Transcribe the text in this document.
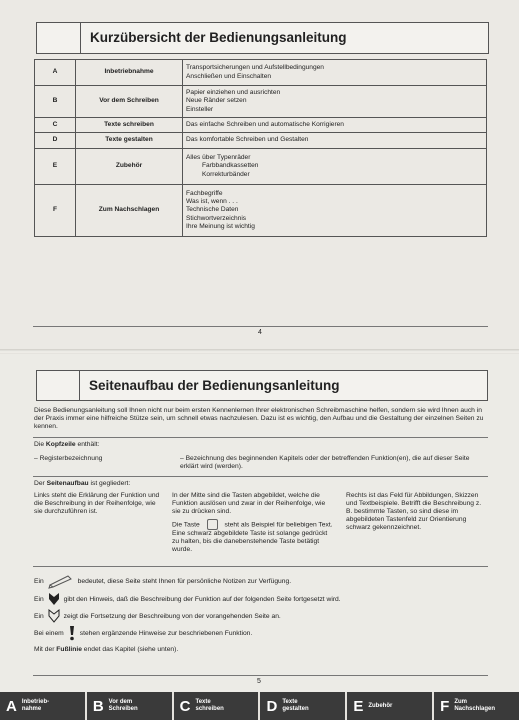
Kurzübersicht der Bedienungsanleitung
A	Inbetriebnahme	Transportsicherungen und Aufstellbedingungen
Anschließen und Einschalten

B	Vor dem Schreiben	Papier einziehen und ausrichten
Neue Ränder setzen
Einsteller

C	Texte schreiben	Das einfache Schreiben und automatische Korrigieren

D	Texte gestalten	Das komfortable Schreiben und Gestalten

E	Zubehör	Alles über Typenräder
Farbbandkassetten
Korrekturbänder

F	Zum Nachschlagen	Fachbegriffe
Was ist, wenn . . .
Technische Daten
Stichwortverzeichnis
Ihre Meinung ist wichtig
4
Seitenaufbau der Bedienungsanleitung
Diese Bedienungsanleitung soll Ihnen nicht nur beim ersten Kennenlernen Ihrer elektronischen Schreibmaschine helfen, sondern sie wird Ihnen auch in der Praxis immer eine hilfreiche Stütze sein, um schnell etwas nachzulesen. Dazu ist es wichtig, den Aufbau und die Gestaltung der einzelnen Seiten zu kennen.
Die Kopfzeile enthält:
– Registerbezeichnung	– Bezeichnung des beginnenden Kapitels oder der betreffenden Funktion(en), die auf dieser Seite erklärt wird (werden).
Der Seitenaufbau ist gegliedert:
Links steht die Erklärung der Funktion und die Beschreibung in der Reihenfolge, wie sie durchzuführen ist.
In der Mitte sind die Tasten abgebildet, welche die Funktion auslösen und zwar in der Reihenfolge, wie sie zu drücken sind.
Die Taste	steht als Beispiel für beliebigen Text.
Eine schwarz abgebildete Taste ist solange gedrückt zu halten, bis die danebenstehende Taste betätigt wurde.
Rechts ist das Feld für Abbildungen, Skizzen und Textbeispiele. Betrifft die Beschreibung z. B. bestimmte Tasten, so sind diese im abgebildeten Tastenfeld zur Orientierung schwarz gekennzeichnet.
Ein	bedeutet, diese Seite steht Ihnen für persönliche Notizen zur Verfügung.
Ein	gibt den Hinweis, daß die Beschreibung der Funktion auf der folgenden Seite fortgesetzt wird.
Ein	zeigt die Fortsetzung der Beschreibung von der vorangehenden Seite an.
Bei einem stehen ergänzende Hinweise zur beschriebenen Funktion.
Mit der Fußlinie endet das Kapitel (siehe unten).
5
A Inbetrieb-
nahme	B Vor dem
Schreiben	C Texte
schreiben	D Texte
gestalten	E Zubehör	F Zum
Nachschlagen
